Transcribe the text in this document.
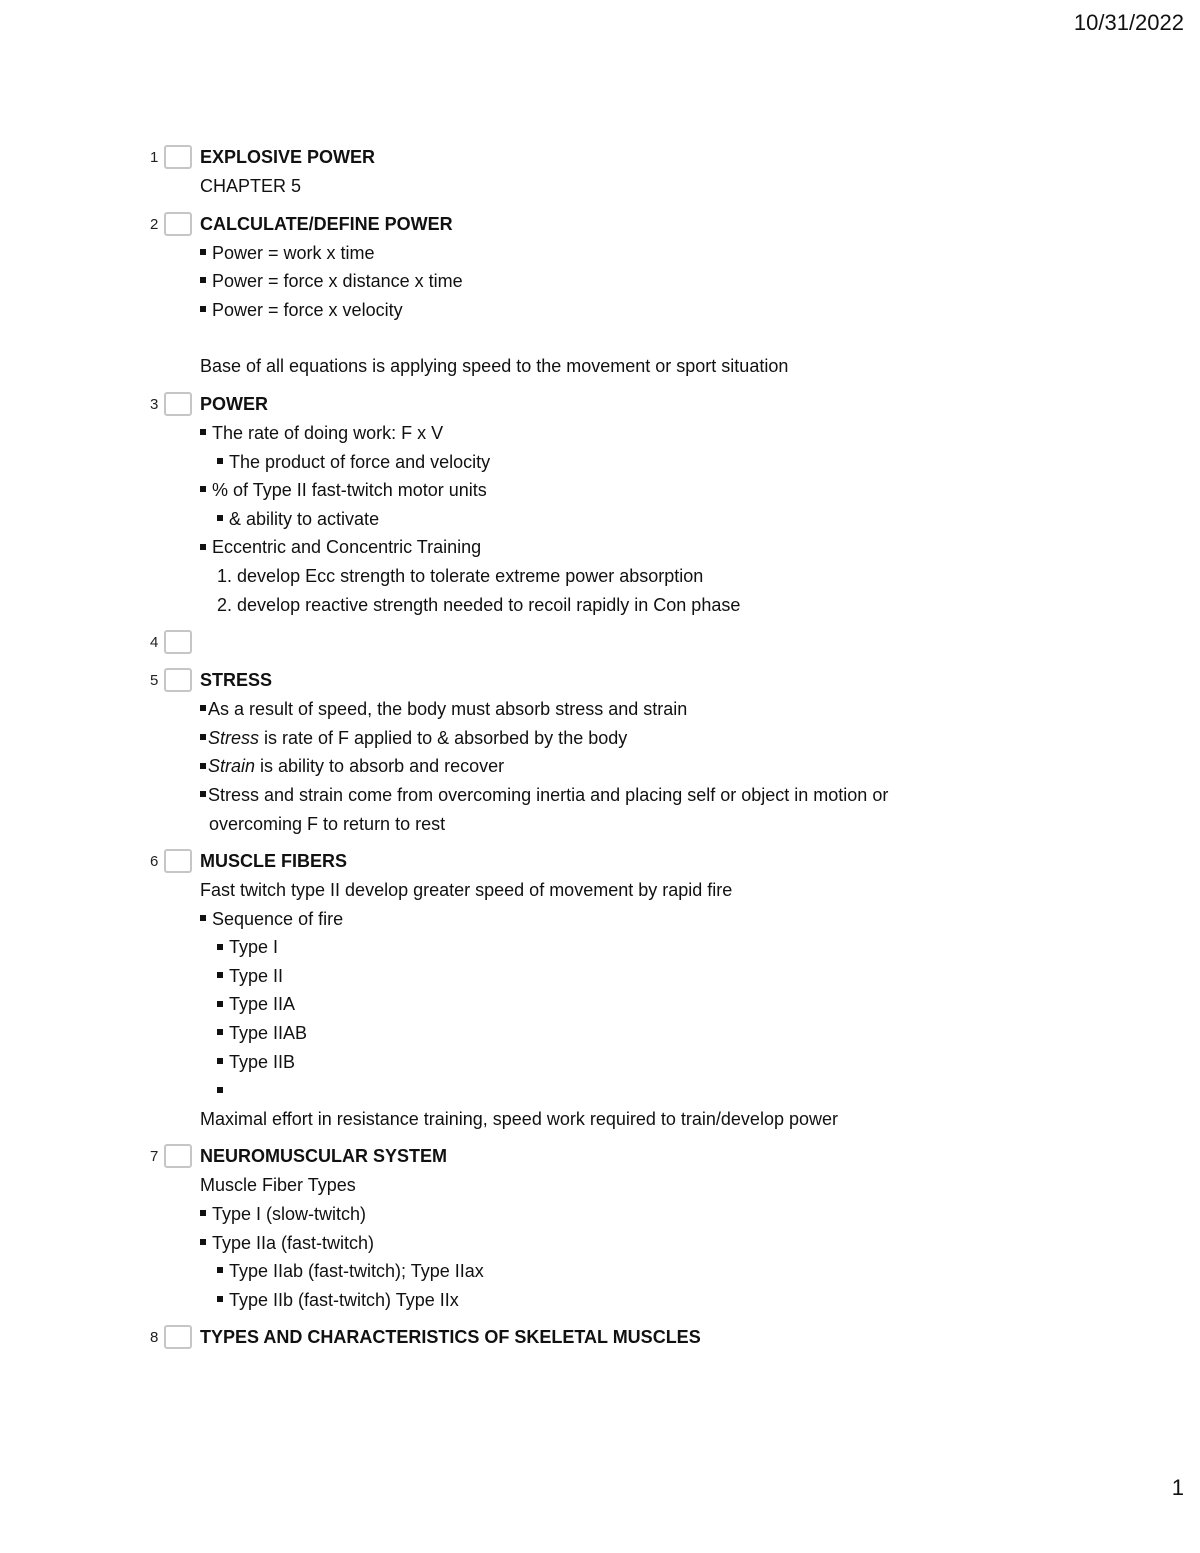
10/31/2022
1 EXPLOSIVE POWER
CHAPTER 5
2 CALCULATE/DEFINE POWER
Power = work x time
Power = force x distance x time
Power = force x velocity
Base of all equations is applying speed to the movement or sport situation
3 POWER
The rate of doing work: F x V
The product of force and velocity
% of Type II fast-twitch motor units
& ability to activate
Eccentric and Concentric Training
1. develop Ecc strength to tolerate extreme power absorption
2. develop reactive strength needed to recoil rapidly in Con phase
4
5 STRESS
As a result of speed, the body must absorb stress and strain
Stress is rate of F applied to & absorbed by the body
Strain is ability to absorb and recover
Stress and strain come from overcoming inertia and placing self or object in motion or
overcoming F to return to rest
6 MUSCLE FIBERS
Fast twitch type II develop greater speed of movement by rapid fire
Sequence of fire
Type I
Type II
Type IIA
Type IIAB
Type IIB
Maximal effort in resistance training, speed work required to train/develop power
7 NEUROMUSCULAR SYSTEM
Muscle Fiber Types
Type I (slow-twitch)
Type IIa (fast-twitch)
Type IIab (fast-twitch); Type IIax
Type IIb (fast-twitch) Type IIx
8 TYPES AND CHARACTERISTICS OF SKELETAL MUSCLES
1
